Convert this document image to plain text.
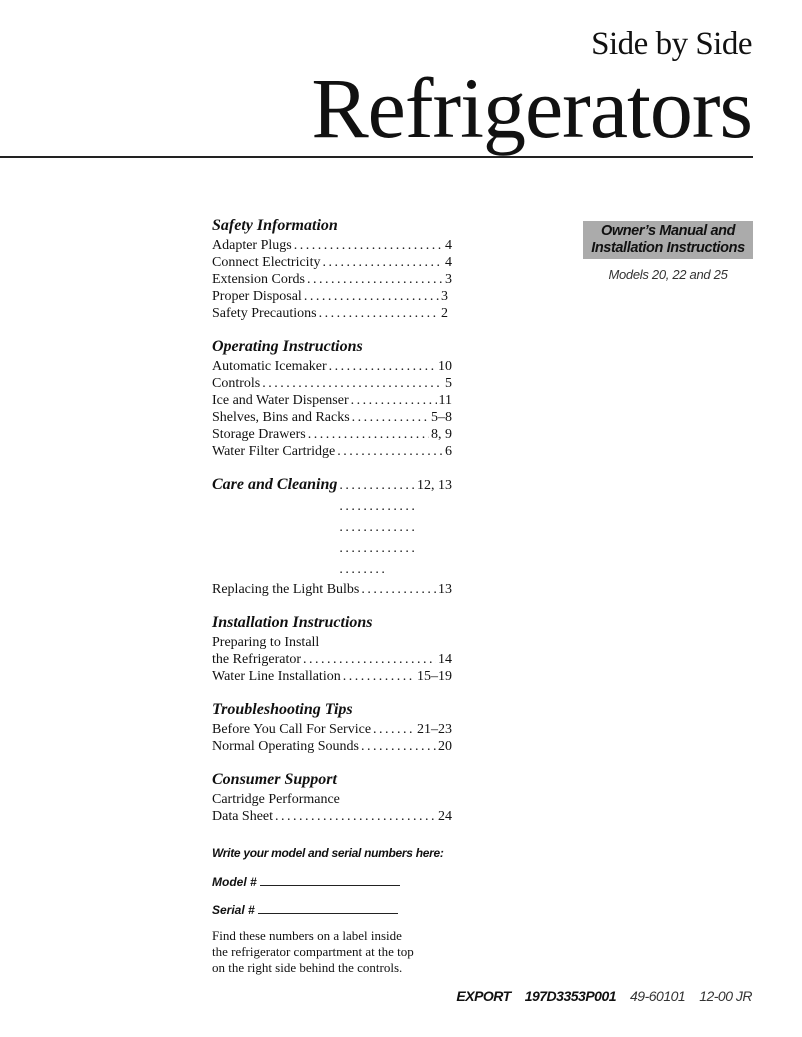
Side by Side
Refrigerators
Safety Information
Adapter Plugs . . .	4
Connect Electricity . . .	4
Extension Cords . . .	3
Proper Disposal . . .	3
Safety Precautions . . .	2
Operating Instructions
Automatic Icemaker . . .	10
Controls . . .	5
Ice and Water Dispenser . . .	11
Shelves, Bins and Racks . . .	5–8
Storage Drawers . . .	8, 9
Water Filter Cartridge . . .	6
Care and Cleaning . . .	12, 13
Replacing the Light Bulbs . . .	13
Installation Instructions
Preparing to Install
the Refrigerator . . .	14
Water Line Installation . . .	15–19
Troubleshooting Tips
Before You Call For Service . . .	21–23
Normal Operating Sounds . . .	20
Consumer Support
Cartridge Performance
Data Sheet . . .	24
Owner’s Manual and
Installation Instructions
Models 20, 22 and 25
Write your model and serial numbers here:
Model #
Serial #
Find these numbers on a label inside
the refrigerator compartment at the top
on the right side behind the controls.
EXPORT 197D3353P001 49-60101 12-00 JR
